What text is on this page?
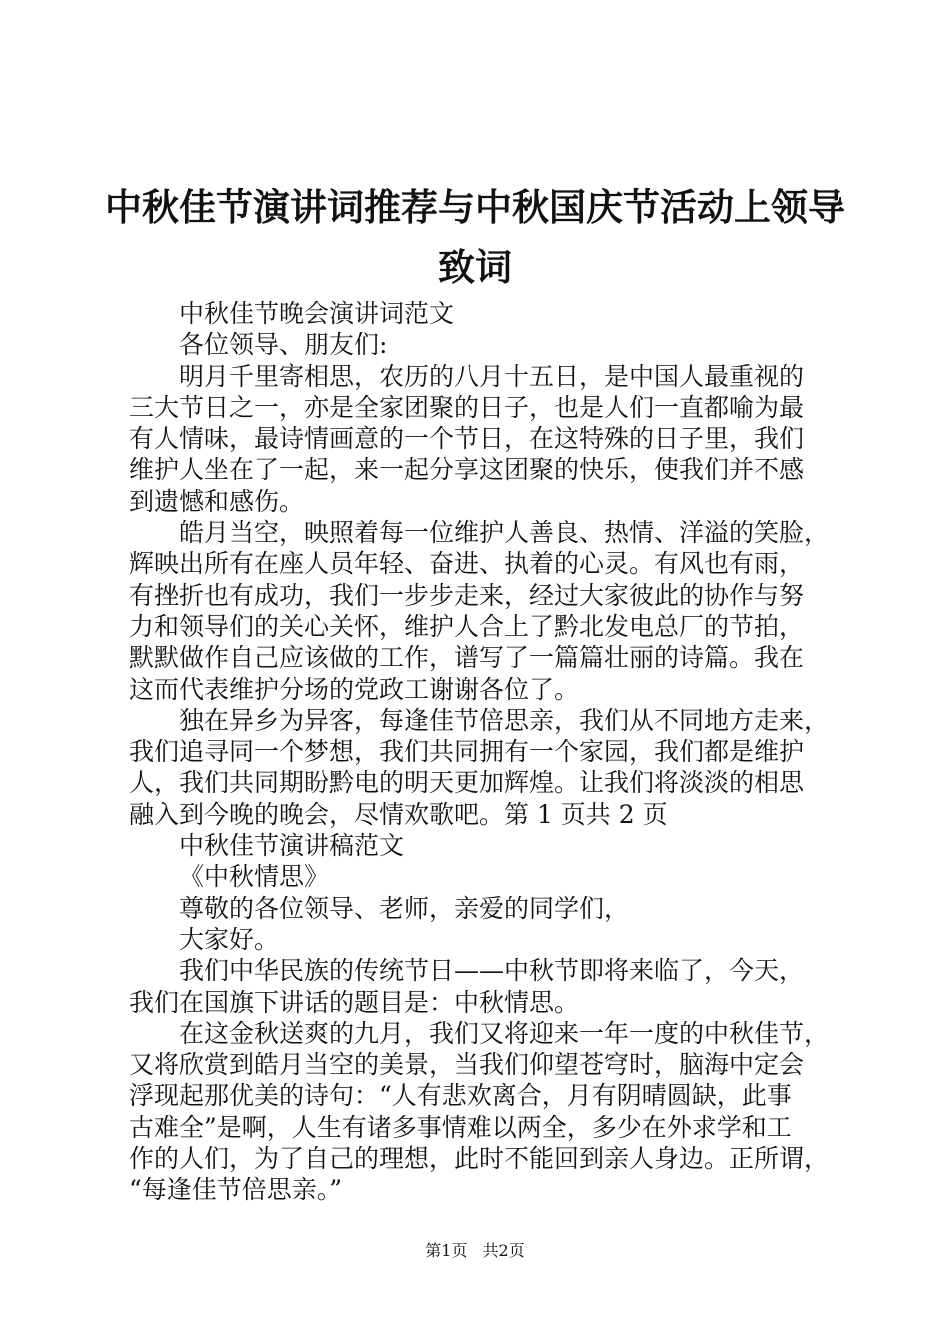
中秋佳节演讲词推荐与中秋国庆节活动上领导
致词
中秋佳节晚会演讲词范文
各位领导、朋友们:
明月千里寄相思，农历的八月十五日，是中国人最重视的
三大节日之一，亦是全家团聚的日子，也是人们一直都喻为最
有人情味，最诗情画意的一个节日，在这特殊的日子里，我们
维护人坐在了一起，来一起分享这团聚的快乐，使我们并不感
到遗憾和感伤。
皓月当空，映照着每一位维护人善良、热情、洋溢的笑脸，
辉映出所有在座人员年轻、奋进、执着的心灵。有风也有雨，
有挫折也有成功，我们一步步走来，经过大家彼此的协作与努
力和领导们的关心关怀，维护人合上了黔北发电总厂的节拍，
默默做作自己应该做的工作，谱写了一篇篇壮丽的诗篇。我在
这而代表维护分场的党政工谢谢各位了。
独在异乡为异客，每逢佳节倍思亲，我们从不同地方走来，
我们追寻同一个梦想，我们共同拥有一个家园，我们都是维护
人，我们共同期盼黔电的明天更加辉煌。让我们将淡淡的相思
融入到今晚的晚会，尽情欢歌吧。第 1 页共 2 页
中秋佳节演讲稿范文
《中秋情思》
尊敬的各位领导、老师，亲爱的同学们，
大家好。
我们中华民族的传统节日——中秋节即将来临了，今天，
我们在国旗下讲话的题目是：中秋情思。
在这金秋送爽的九月，我们又将迎来一年一度的中秋佳节，
又将欣赏到皓月当空的美景，当我们仰望苍穹时，脑海中定会
浮现起那优美的诗句：“人有悲欢离合，月有阴晴圆缺，此事
古难全”是啊，人生有诸多事情难以两全，多少在外求学和工
作的人们，为了自己的理想，此时不能回到亲人身边。正所谓，
“每逢佳节倍思亲。”
第1页 共2页
